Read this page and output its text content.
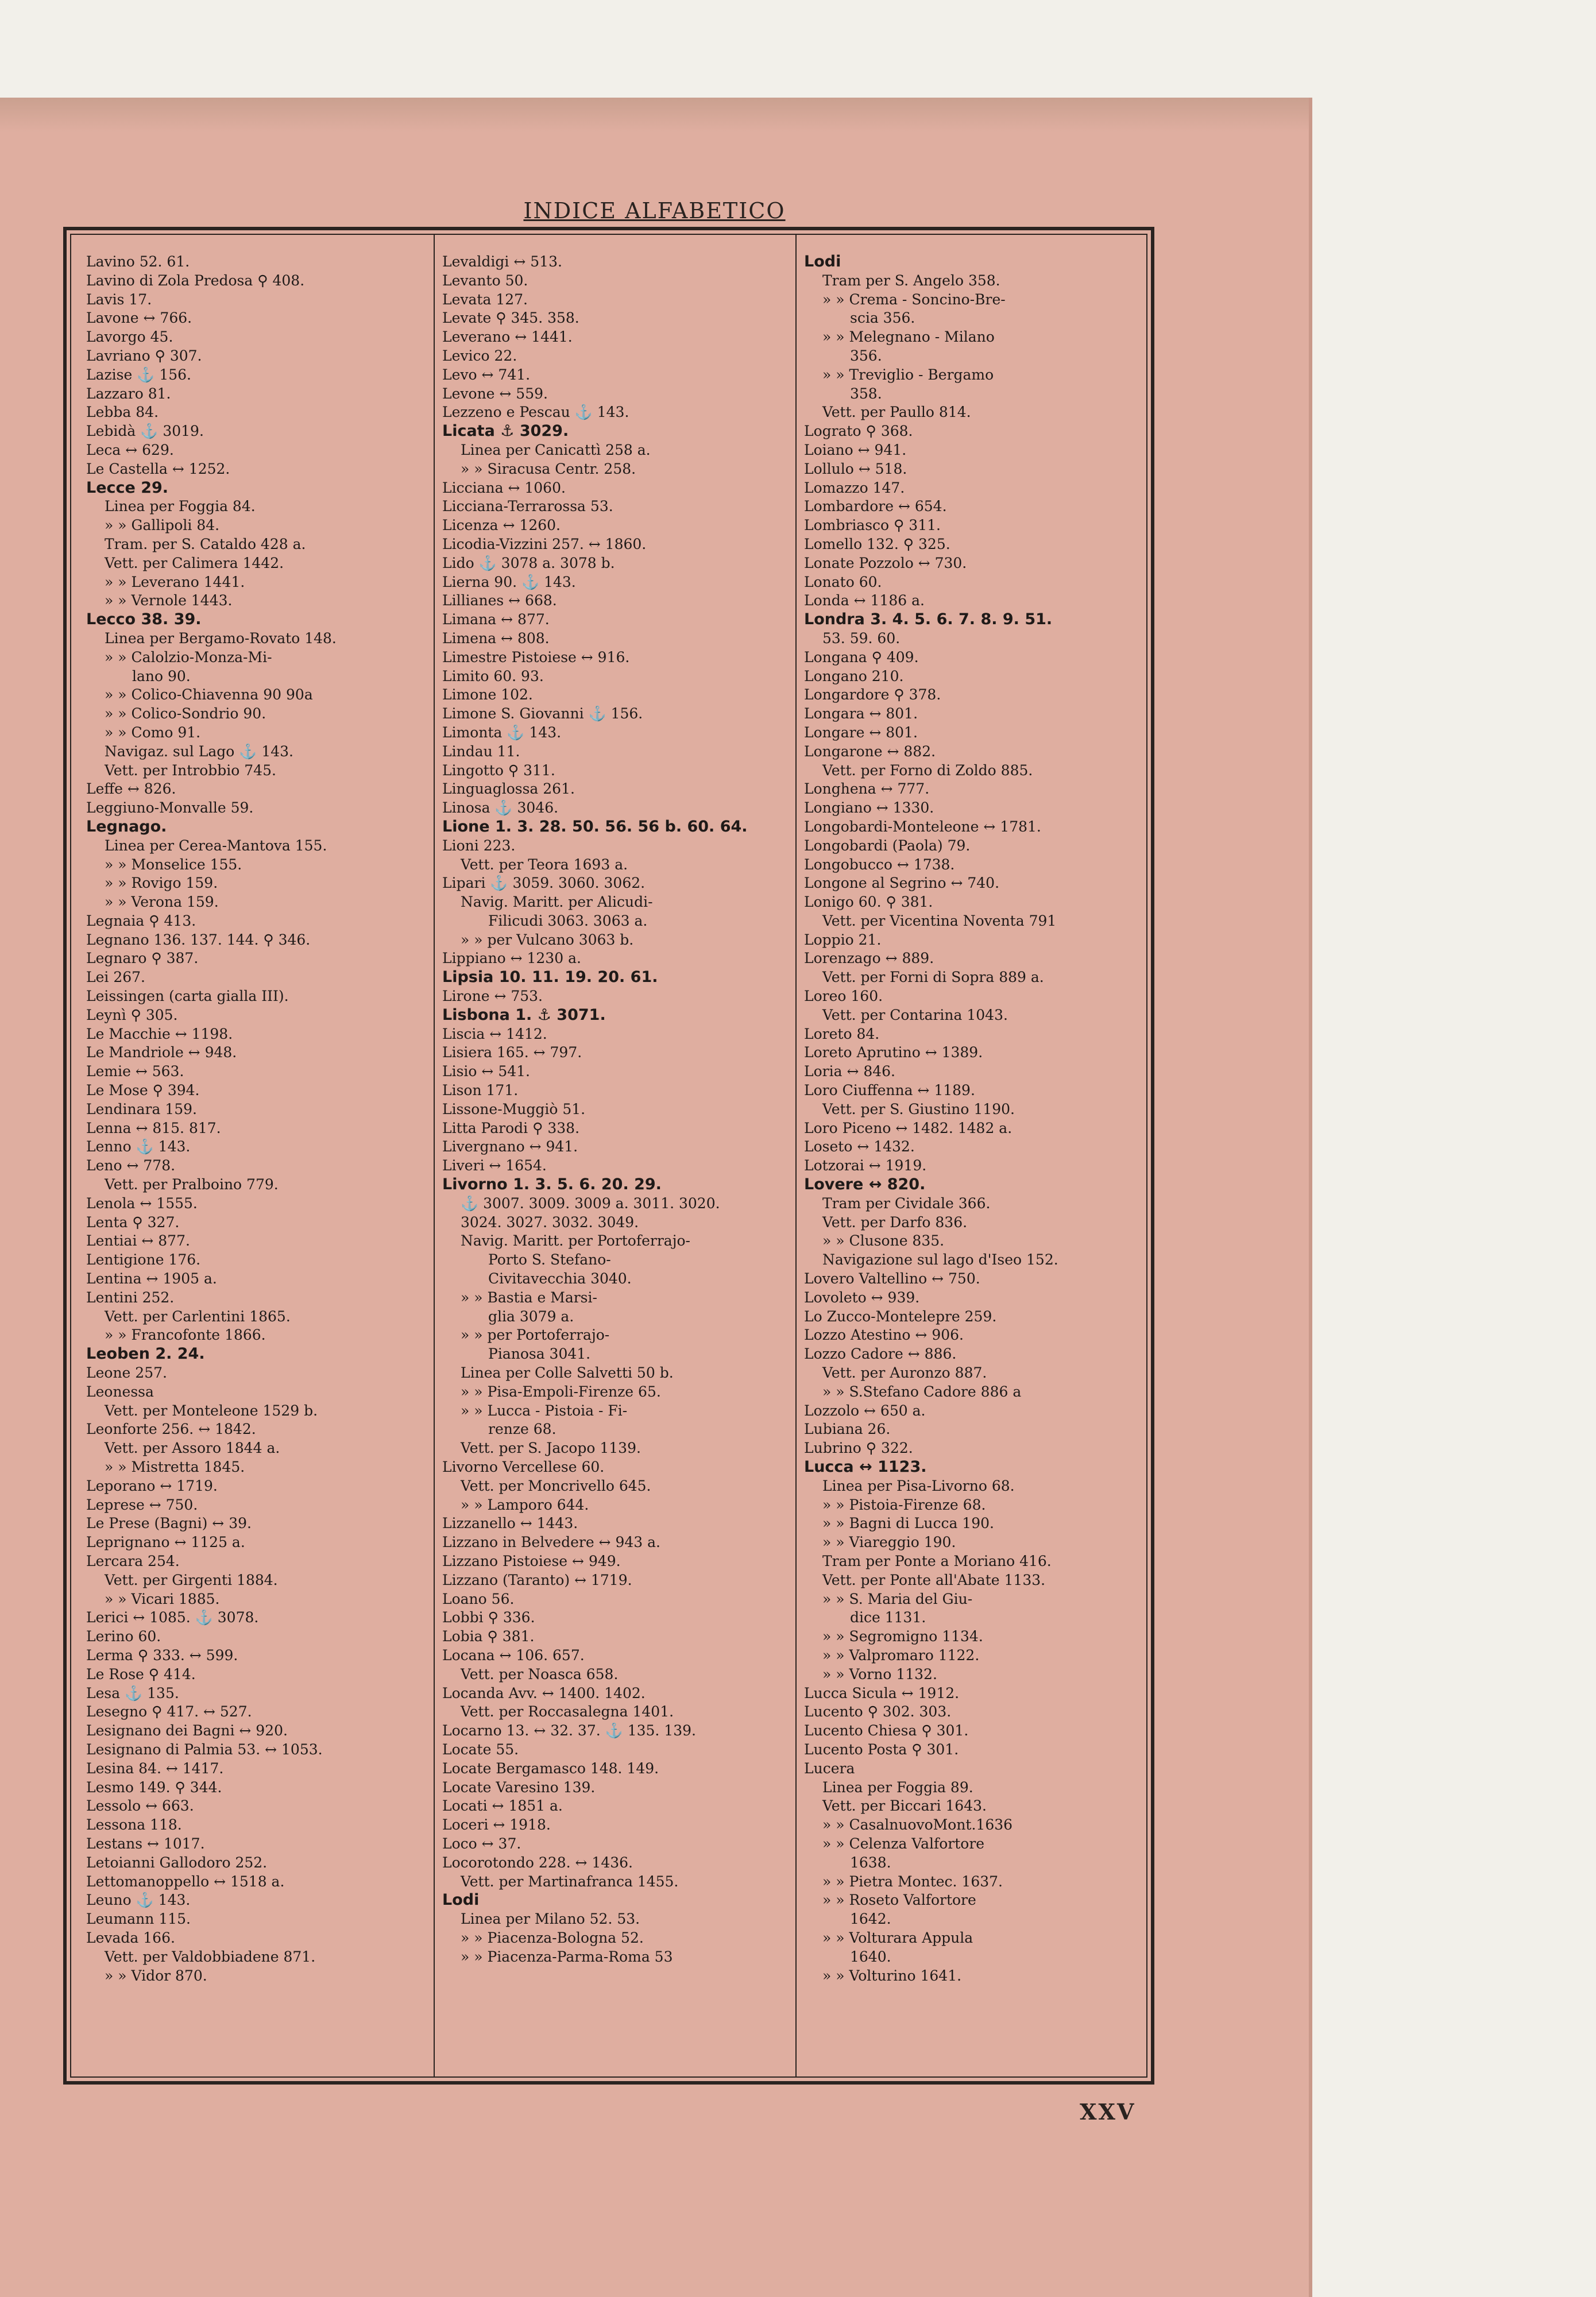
INDICE ALFABETICO
Lavino 52. 61.
Lavino di Zola Predosa ⚲ 408.
Lavis 17.
Lavone ↔ 766.
Lavorgo 45.
Lavriano ⚲ 307.
Lazise ⚓ 156.
Lazzaro 81.
Lebba 84.
Lebidà ⚓ 3019.
Leca ↔ 629.
Le Castella ↔ 1252.
Lecce 29.
Linea per Foggia 84.
» » Gallipoli 84.
Tram. per S. Cataldo 428 a.
Vett. per Calimera 1442.
» » Leverano 1441.
» » Vernole 1443.
Lecco 38. 39.
Linea per Bergamo-Rovato 148.
» » Calolzio-Monza-Mi-
lano 90.
» » Colico-Chiavenna 90 90a
» » Colico-Sondrio 90.
» » Como 91.
Navigaz. sul Lago ⚓ 143.
Vett. per Introbbio 745.
Leffe ↔ 826.
Leggiuno-Monvalle 59.
Legnago.
Linea per Cerea-Mantova 155.
» » Monselice 155.
» » Rovigo 159.
» » Verona 159.
Legnaia ⚲ 413.
Legnano 136. 137. 144. ⚲ 346.
Legnaro ⚲ 387.
Lei 267.
Leissingen (carta gialla III).
Leynì ⚲ 305.
Le Macchie ↔ 1198.
Le Mandriole ↔ 948.
Lemie ↔ 563.
Le Mose ⚲ 394.
Lendinara 159.
Lenna ↔ 815. 817.
Lenno ⚓ 143.
Leno ↔ 778.
Vett. per Pralboino 779.
Lenola ↔ 1555.
Lenta ⚲ 327.
Lentiai ↔ 877.
Lentigione 176.
Lentina ↔ 1905 a.
Lentini 252.
Vett. per Carlentini 1865.
» » Francofonte 1866.
Leoben 2. 24.
Leone 257.
Leonessa
Vett. per Monteleone 1529 b.
Leonforte 256. ↔ 1842.
Vett. per Assoro 1844 a.
» » Mistretta 1845.
Leporano ↔ 1719.
Leprese ↔ 750.
Le Prese (Bagni) ↔ 39.
Leprignano ↔ 1125 a.
Lercara 254.
Vett. per Girgenti 1884.
» » Vicari 1885.
Lerici ↔ 1085. ⚓ 3078.
Lerino 60.
Lerma ⚲ 333. ↔ 599.
Le Rose ⚲ 414.
Lesa ⚓ 135.
Lesegno ⚲ 417. ↔ 527.
Lesignano dei Bagni ↔ 920.
Lesignano di Palmia 53. ↔ 1053.
Lesina 84. ↔ 1417.
Lesmo 149. ⚲ 344.
Lessolo ↔ 663.
Lessona 118.
Lestans ↔ 1017.
Letoianni Gallodoro 252.
Lettomanoppello ↔ 1518 a.
Leuno ⚓ 143.
Leumann 115.
Levada 166.
Vett. per Valdobbiadene 871.
» » Vidor 870.
Levaldigi ↔ 513.
Levanto 50.
Levata 127.
Levate ⚲ 345. 358.
Leverano ↔ 1441.
Levico 22.
Levo ↔ 741.
Levone ↔ 559.
Lezzeno e Pescau ⚓ 143.
Licata ⚓ 3029.
Linea per Canicattì 258 a.
» » Siracusa Centr. 258.
Licciana ↔ 1060.
Licciana-Terrarossa 53.
Licenza ↔ 1260.
Licodia-Vizzini 257. ↔ 1860.
Lido ⚓ 3078 a. 3078 b.
Lierna 90. ⚓ 143.
Lillianes ↔ 668.
Limana ↔ 877.
Limena ↔ 808.
Limestre Pistoiese ↔ 916.
Limito 60. 93.
Limone 102.
Limone S. Giovanni ⚓ 156.
Limonta ⚓ 143.
Lindau 11.
Lingotto ⚲ 311.
Linguaglossa 261.
Linosa ⚓ 3046.
Lione 1. 3. 28. 50. 56. 56 b. 60. 64.
Lioni 223.
Vett. per Teora 1693 a.
Lipari ⚓ 3059. 3060. 3062.
Navig. Maritt. per Alicudi-
Filicudi 3063. 3063 a.
» » per Vulcano 3063 b.
Lippiano ↔ 1230 a.
Lipsia 10. 11. 19. 20. 61.
Lirone ↔ 753.
Lisbona 1. ⚓ 3071.
Liscia ↔ 1412.
Lisiera 165. ↔ 797.
Lisio ↔ 541.
Lison 171.
Lissone-Muggiò 51.
Litta Parodi ⚲ 338.
Livergnano ↔ 941.
Liveri ↔ 1654.
Livorno 1. 3. 5. 6. 20. 29.
⚓ 3007. 3009. 3009 a. 3011. 3020.
3024. 3027. 3032. 3049.
Navig. Maritt. per Portoferrajo-
Porto S. Stefano-
Civitavecchia 3040.
» » Bastia e Marsi-
glia 3079 a.
» » per Portoferrajo-
Pianosa 3041.
Linea per Colle Salvetti 50 b.
» » Pisa-Empoli-Firenze 65.
» » Lucca - Pistoia - Fi-
renze 68.
Vett. per S. Jacopo 1139.
Livorno Vercellese 60.
Vett. per Moncrivello 645.
» » Lamporo 644.
Lizzanello ↔ 1443.
Lizzano in Belvedere ↔ 943 a.
Lizzano Pistoiese ↔ 949.
Lizzano (Taranto) ↔ 1719.
Loano 56.
Lobbi ⚲ 336.
Lobia ⚲ 381.
Locana ↔ 106. 657.
Vett. per Noasca 658.
Locanda Avv. ↔ 1400. 1402.
Vett. per Roccasalegna 1401.
Locarno 13. ↔ 32. 37. ⚓ 135. 139.
Locate 55.
Locate Bergamasco 148. 149.
Locate Varesino 139.
Locati ↔ 1851 a.
Loceri ↔ 1918.
Loco ↔ 37.
Locorotondo 228. ↔ 1436.
Vett. per Martinafranca 1455.
Lodi
Linea per Milano 52. 53.
» » Piacenza-Bologna 52.
» » Piacenza-Parma-Roma 53
Lodi
Tram per S. Angelo 358.
» » Crema - Soncino-Bre-
scia 356.
» » Melegnano - Milano
356.
» » Treviglio - Bergamo
358.
Vett. per Paullo 814.
Lograto ⚲ 368.
Loiano ↔ 941.
Lollulo ↔ 518.
Lomazzo 147.
Lombardore ↔ 654.
Lombriasco ⚲ 311.
Lomello 132. ⚲ 325.
Lonate Pozzolo ↔ 730.
Lonato 60.
Londa ↔ 1186 a.
Londra 3. 4. 5. 6. 7. 8. 9. 51.
53. 59. 60.
Longana ⚲ 409.
Longano 210.
Longardore ⚲ 378.
Longara ↔ 801.
Longare ↔ 801.
Longarone ↔ 882.
Vett. per Forno di Zoldo 885.
Longhena ↔ 777.
Longiano ↔ 1330.
Longobardi-Monteleone ↔ 1781.
Longobardi (Paola) 79.
Longobucco ↔ 1738.
Longone al Segrino ↔ 740.
Lonigo 60. ⚲ 381.
Vett. per Vicentina Noventa 791
Loppio 21.
Lorenzago ↔ 889.
Vett. per Forni di Sopra 889 a.
Loreo 160.
Vett. per Contarina 1043.
Loreto 84.
Loreto Aprutino ↔ 1389.
Loria ↔ 846.
Loro Ciuffenna ↔ 1189.
Vett. per S. Giustino 1190.
Loro Piceno ↔ 1482. 1482 a.
Loseto ↔ 1432.
Lotzorai ↔ 1919.
Lovere ↔ 820.
Tram per Cividale 366.
Vett. per Darfo 836.
» » Clusone 835.
Navigazione sul lago d'Iseo 152.
Lovero Valtellino ↔ 750.
Lovoleto ↔ 939.
Lo Zucco-Montelepre 259.
Lozzo Atestino ↔ 906.
Lozzo Cadore ↔ 886.
Vett. per Auronzo 887.
» » S.Stefano Cadore 886 a
Lozzolo ↔ 650 a.
Lubiana 26.
Lubrino ⚲ 322.
Lucca ↔ 1123.
Linea per Pisa-Livorno 68.
» » Pistoia-Firenze 68.
» » Bagni di Lucca 190.
» » Viareggio 190.
Tram per Ponte a Moriano 416.
Vett. per Ponte all'Abate 1133.
» » S. Maria del Giu-
dice 1131.
» » Segromigno 1134.
» » Valpromaro 1122.
» » Vorno 1132.
Lucca Sicula ↔ 1912.
Lucento ⚲ 302. 303.
Lucento Chiesa ⚲ 301.
Lucento Posta ⚲ 301.
Lucera
Linea per Foggia 89.
Vett. per Biccari 1643.
» » CasalnuovoMont.1636
» » Celenza Valfortore
1638.
» » Pietra Montec. 1637.
» » Roseto Valfortore
1642.
» » Volturara Appula
1640.
» » Volturino 1641.
XXV
